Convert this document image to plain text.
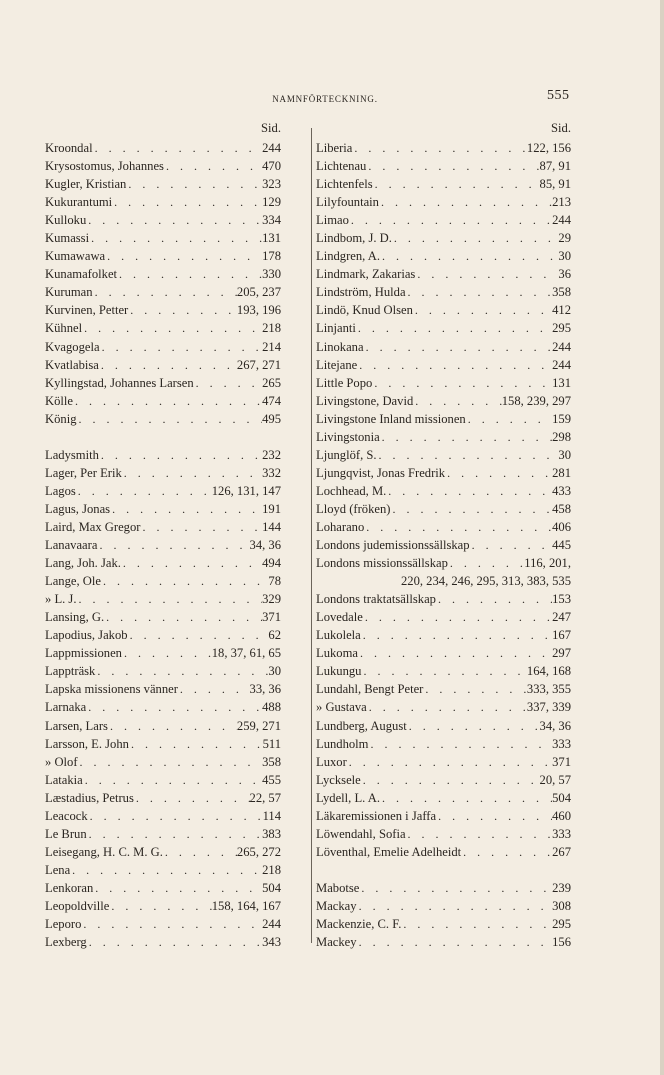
NAMNFÖRTECKNING.	555
Sid.
Kroondal . . .	244
Krysostomus, Johannes . . .	470
Kugler, Kristian . . .	323
Kukurantumi . . .	129
Kulloku . . .	334
Kumassi . . .	131
Kumawawa . . .	178
Kunamafolket . . .	330
Kuruman . . .	205, 237
Kurvinen, Petter . . .	193, 196
Kühnel . . .	218
Kvagogela . . .	214
Kvatlabisa . . .	267, 271
Kyllingstad, Johannes Larsen . . .	265
Kölle . . .	474
König . . .	495
Ladysmith . . .	232
Lager, Per Erik . . .	332
Lagos . . .	126, 131, 147
Lagus, Jonas . . .	191
Laird, Max Gregor . . .	144
Lanavaara . . .	34, 36
Lang, Joh. Jak. . . .	494
Lange, Ole . . .	78
» L. J. . . .	329
Lansing, G. . . .	371
Lapodius, Jakob . . .	62
Lappmissionen . . .	18, 37, 61, 65
Lappträsk . . .	30
Lapska missionens vänner . . .	33, 36
Larnaka . . .	488
Larsen, Lars . . .	259, 271
Larsson, E. John . . .	511
» Olof . . .	358
Latakia . . .	455
Læstadius, Petrus . . .	22, 57
Leacock . . .	114
Le Brun . . .	383
Leisegang, H. C. M. G. . . .	265, 272
Lena . . .	218
Lenkoran . . .	504
Leopoldville . . .	158, 164, 167
Leporo . . .	244
Lexberg . . .	343
Sid.
Liberia . . .	122, 156
Lichtenau . . .	87, 91
Lichtenfels . . .	85, 91
Lilyfountain . . .	213
Limao . . .	244
Lindbom, J. D. . . .	29
Lindgren, A. . . .	30
Lindmark, Zakarias . . .	36
Lindström, Hulda . . .	358
Lindö, Knud Olsen . . .	412
Linjanti . . .	295
Linokana . . .	244
Litejane . . .	244
Little Popo . . .	131
Livingstone, David . . .	158, 239, 297
Livingstone Inland missionen . . .	159
Livingstonia . . .	298
Ljunglöf, S. . . .	30
Ljungqvist, Jonas Fredrik . . .	281
Lochhead, M. . . .	433
Lloyd (fröken) . . .	458
Loharano . . .	406
Londons judemissionssällskap . . .	445
Londons missionssällskap . . .	116, 201,
220, 234, 246, 295, 313, 383, 535
Londons traktatsällskap . . .	153
Lovedale . . .	247
Lukolela . . .	167
Lukoma . . .	297
Lukungu . . .	164, 168
Lundahl, Bengt Peter . . .	333, 355
» Gustava . . .	337, 339
Lundberg, August . . .	34, 36
Lundholm . . .	333
Luxor . . .	371
Lycksele . . .	20, 57
Lydell, L. A. . . .	504
Läkaremissionen i Jaffa . . .	460
Löwendahl, Sofia . . .	333
Löventhal, Emelie Adelheidt . . .	267
Mabotse . . .	239
Mackay . . .	308
Mackenzie, C. F. . . .	295
Mackey . . .	156
